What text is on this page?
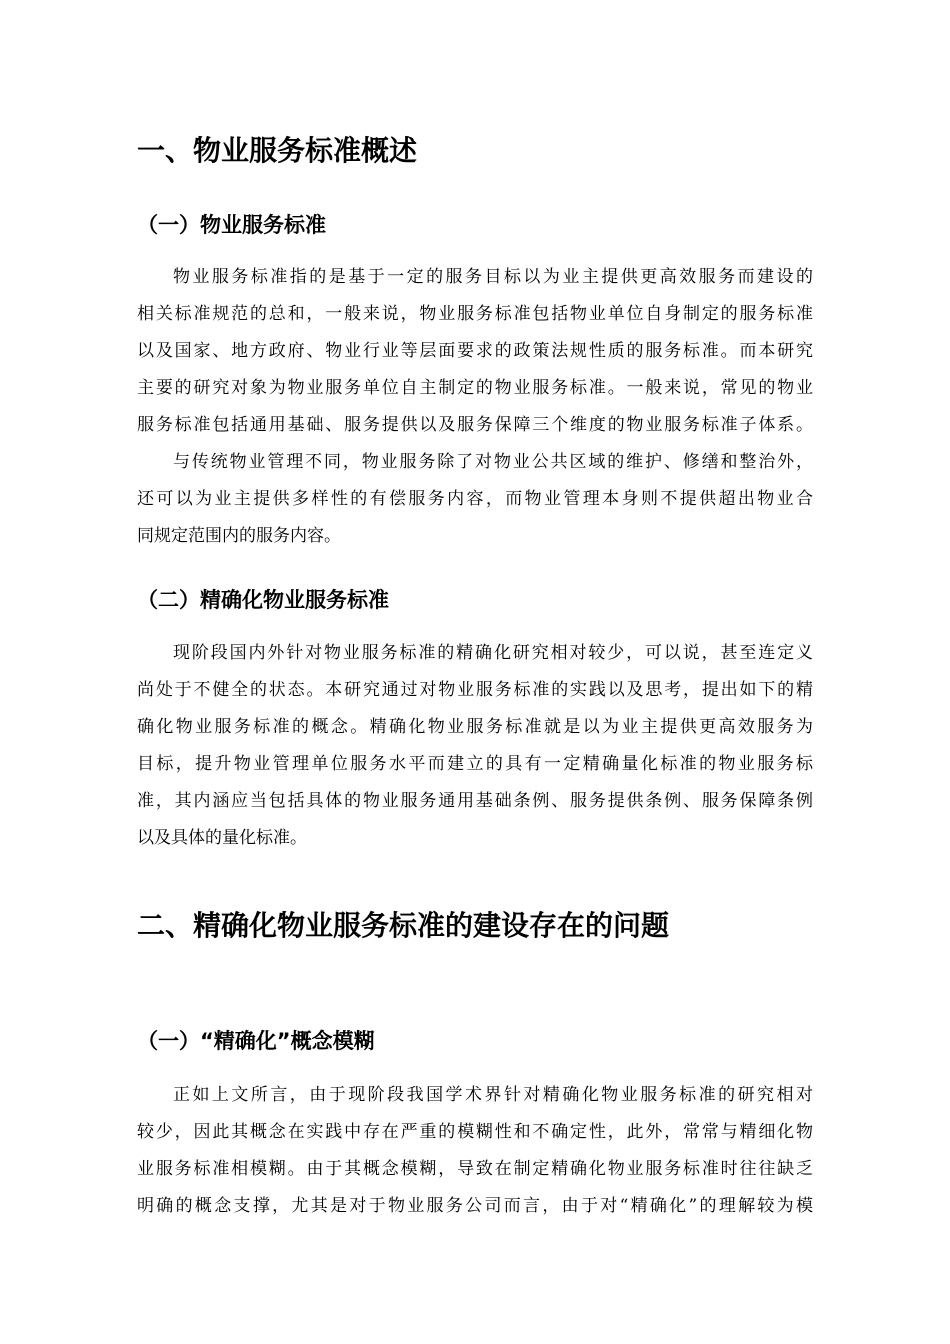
一、物业服务标准概述
（一）物业服务标准
物业服务标准指的是基于一定的服务目标以为业主提供更高效服务而建设的
相关标准规范的总和，一般来说，物业服务标准包括物业单位自身制定的服务标准
以及国家、地方政府、物业行业等层面要求的政策法规性质的服务标准。而本研究
主要的研究对象为物业服务单位自主制定的物业服务标准。一般来说，常见的物业
服务标准包括通用基础、服务提供以及服务保障三个维度的物业服务标准子体系。
与传统物业管理不同，物业服务除了对物业公共区域的维护、修缮和整治外，
还可以为业主提供多样性的有偿服务内容，而物业管理本身则不提供超出物业合
同规定范围内的服务内容。
（二）精确化物业服务标准
现阶段国内外针对物业服务标准的精确化研究相对较少，可以说，甚至连定义
尚处于不健全的状态。本研究通过对物业服务标准的实践以及思考，提出如下的精
确化物业服务标准的概念。精确化物业服务标准就是以为业主提供更高效服务为
目标，提升物业管理单位服务水平而建立的具有一定精确量化标准的物业服务标
准，其内涵应当包括具体的物业服务通用基础条例、服务提供条例、服务保障条例
以及具体的量化标准。
二、精确化物业服务标准的建设存在的问题
（一）“精确化”概念模糊
正如上文所言，由于现阶段我国学术界针对精确化物业服务标准的研究相对
较少，因此其概念在实践中存在严重的模糊性和不确定性，此外，常常与精细化物
业服务标准相模糊。由于其概念模糊，导致在制定精确化物业服务标准时往往缺乏
明确的概念支撑，尤其是对于物业服务公司而言，由于对“精确化”的理解较为模
